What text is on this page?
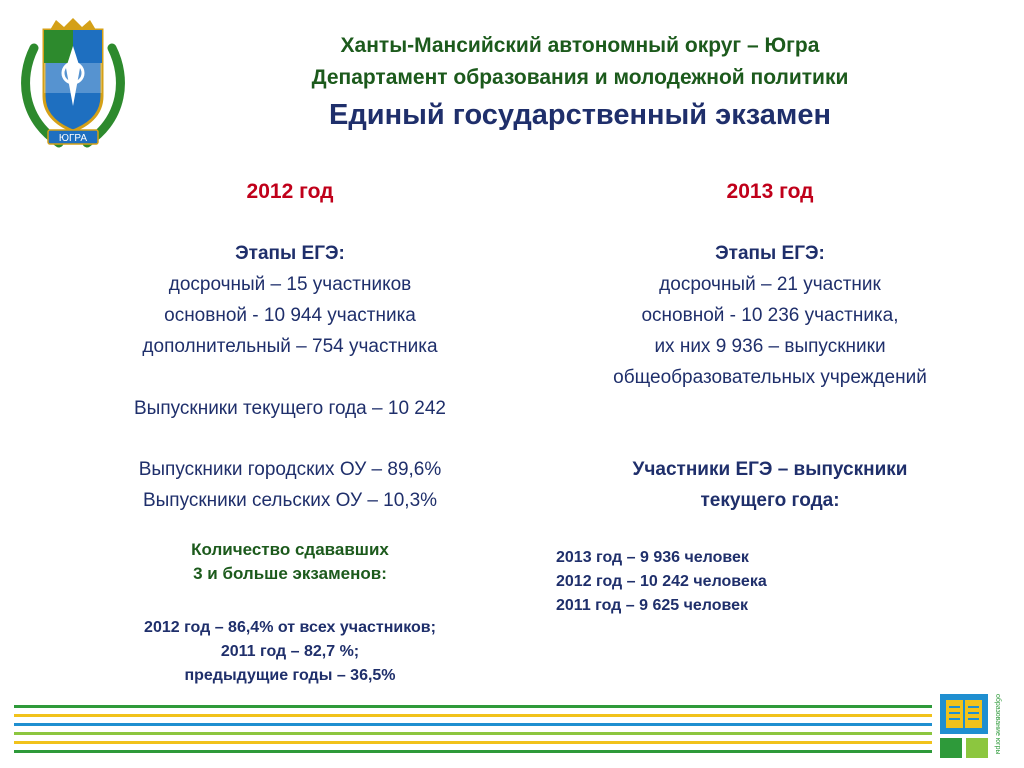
ЮГРА
Ханты-Мансийский автономный округ – Югра
Департамент образования и молодежной политики
Единый государственный экзамен
2012 год
Этапы ЕГЭ:
досрочный – 15 участников
основной - 10 944 участника
дополнительный – 754 участника
Выпускники текущего года – 10 242
Выпускники городских ОУ – 89,6%
Выпускники сельских ОУ – 10,3%
Количество сдававших
3 и больше экзаменов:
2012 год – 86,4% от всех участников;
2011 год – 82,7 %;
предыдущие годы – 36,5%
2013 год
Этапы ЕГЭ:
досрочный – 21 участник
основной - 10 236 участника,
их них 9 936 – выпускники
общеобразовательных учреждений
Участники ЕГЭ – выпускники
текущего года:
2013 год – 9 936 человек
2012 год – 10 242 человека
2011 год – 9 625 человек
образование югры
